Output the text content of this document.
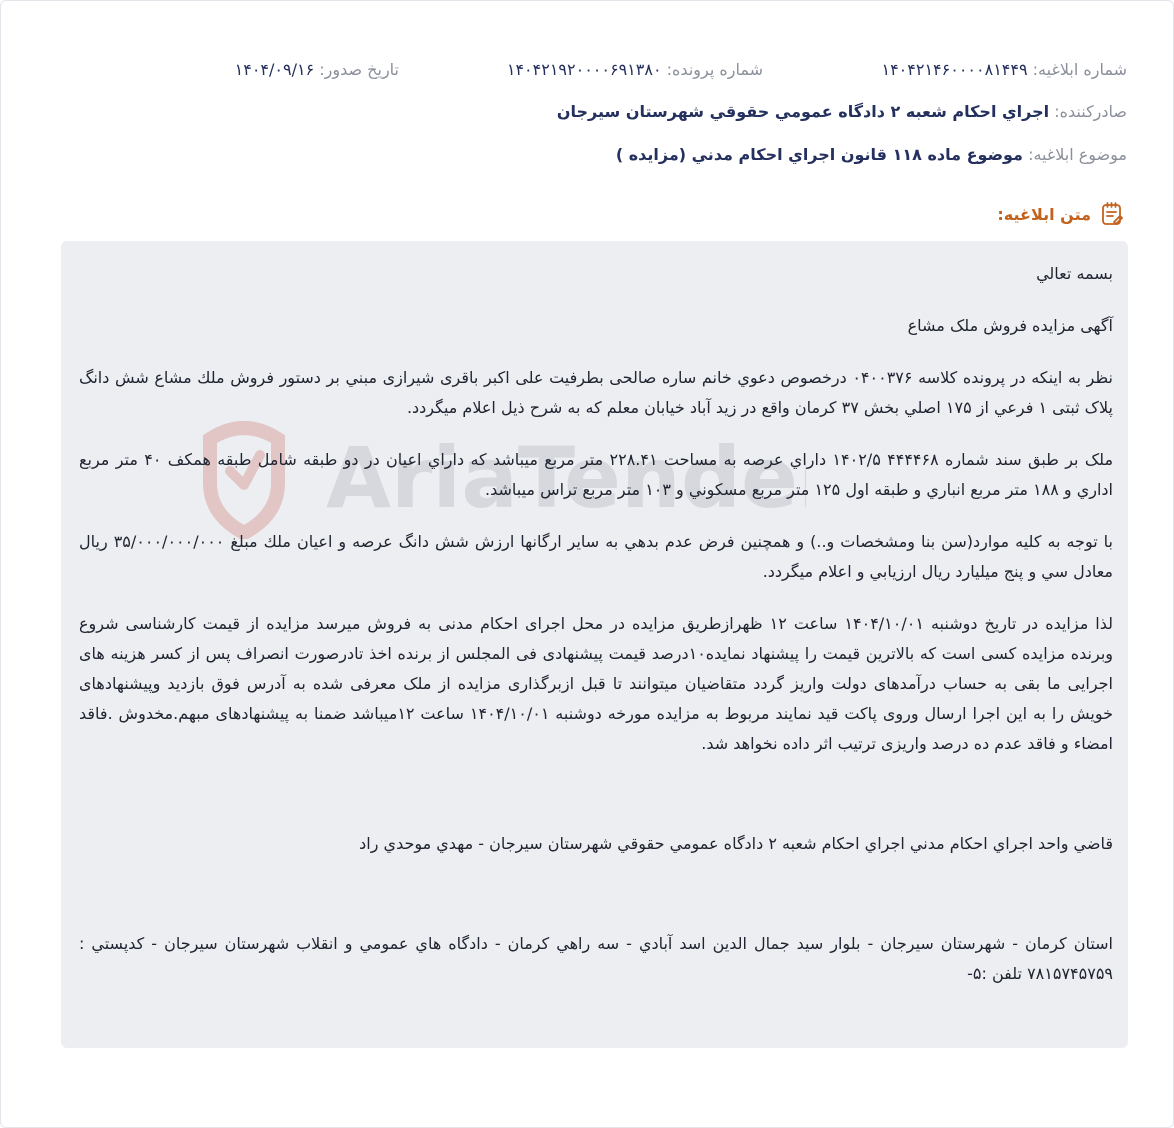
شماره ابلاغيه: ۱۴۰۴۲۱۴۶۰۰۰۰۸۱۴۴۹
شماره پرونده: ۱۴۰۴۲۱۹۲۰۰۰۰۶۹۱۳۸۰
تاريخ صدور: ۱۴۰۴/۰۹/۱۶
صادرکننده: اجراي احكام شعبه ۲ دادگاه عمومي حقوقي شهرستان سيرجان
موضوع ابلاغيه: موضوع ماده ۱۱۸ قانون اجراي احكام مدني (مزايده )
متن ابلاغيه:
AriaTende

بسمه تعالي

آگهی مزایده فروش ملک مشاع

نظر به اینکه در پرونده كلاسه ۰۴۰۰۳۷۶ درخصوص دعوي خانم ساره صالحی بطرفيت علی اکبر باقری شیرازی مبني بر دستور فروش ملك مشاع شش دانگ پلاک ثبتی ۱ فرعي از ۱۷۵ اصلي بخش ۳۷ کرمان واقع در زید آباد خیابان معلم که به شرح ذیل اعلام میگردد.

ملک بر طبق سند شماره ۴۴۴۴۶۸ ۱۴۰۲/۵ داراي عرصه به مساحت ۲۲۸.۴۱ متر مربع میباشد که داراي اعيان در دو طبقه شامل طبقه همکف ۴۰ متر مربع اداري و ۱۸۸ متر مربع انباري و طبقه اول ۱۲۵ متر مربع مسکوني و ۱۰۳ متر مربع تراس میباشد.

با توجه به کلیه موارد(سن بنا ومشخصات و..) و همچنین فرض عدم بدهي به ساير ارگانها ارزش شش دانگ عرصه و اعيان ملك مبلغ ۳۵/۰۰۰/۰۰۰/۰۰۰ ريال معادل سي و پنج ميليارد ريال ارزيابي و اعلام ميگردد.

لذا مزایده در تاریخ دوشنبه ۱۴۰۴/۱۰/۰۱ ساعت ۱۲ ظهرازطریق مزايده در محل اجرای احکام مدنی به فروش میرسد مزايده از قیمت کارشناسی شروع وبرنده مزايده کسی است که بالاترین قیمت را پیشنهاد نمایده۱۰درصد قیمت پیشنهادی فی المجلس از برنده اخذ تادرصورت انصراف پس از کسر هزینه های اجرایی ما بقی به حساب درآمدهای دولت واریز گردد متقاضیان میتوانند تا قبل ازبرگذاری مزایده از ملک معرفی شده به آدرس فوق بازدید وپیشنهادهای خویش را به این اجرا ارسال وروی پاکت قید نمایند مربوط به مزایده مورخه دوشنبه ۱۴۰۴/۱۰/۰۱ ساعت ۱۲میباشد ضمنا به پیشنهادهای مبهم.مخدوش .فاقد امضاء و فاقد عدم ده درصد واریزی ترتیب اثر داده نخواهد شد.

قاضي واحد اجراي احكام مدني اجراي احكام شعبه ۲ دادگاه عمومي حقوقي شهرستان سيرجان - مهدي موحدي راد

استان كرمان - شهرستان سيرجان - بلوار سيد جمال الدين اسد آبادي - سه راهي كرمان - دادگاه هاي عمومي و انقلاب شهرستان سيرجان - كدپستي : ۷۸۱۵۷۴۵۷۵۹ تلفن :۵-
